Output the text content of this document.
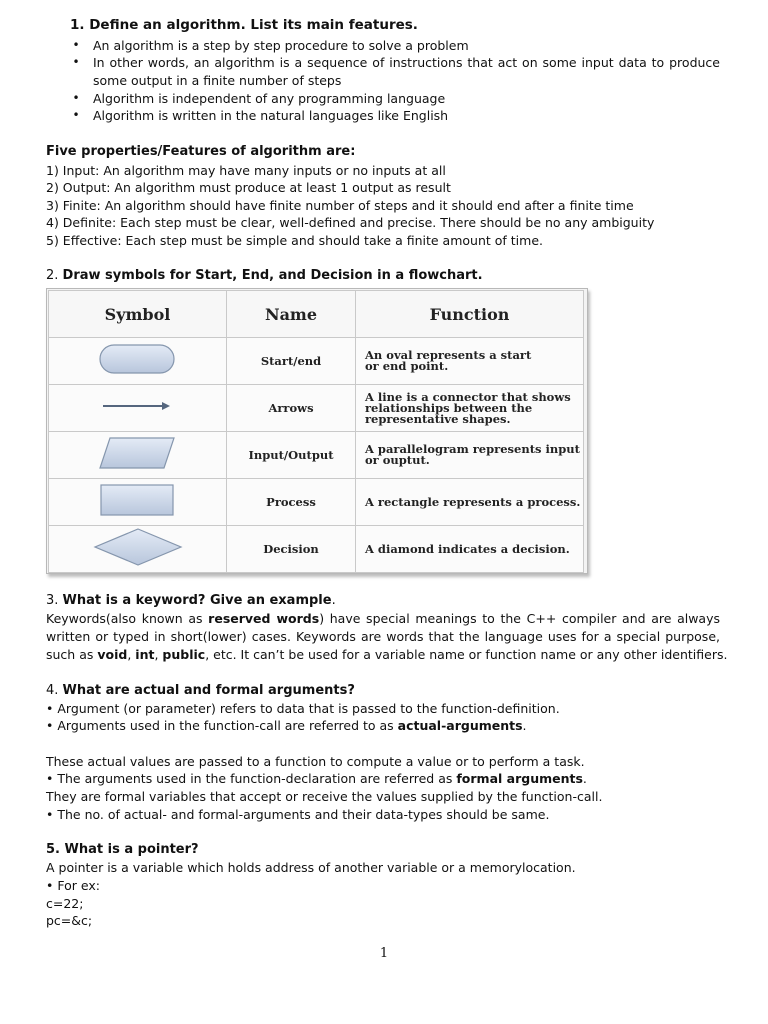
1. Define an algorithm. List its main features.
•	An algorithm is a step by step procedure to solve a problem
•	In other words, an algorithm is a sequence of instructions that act on some input data to produce
some output in a finite number of steps
•	Algorithm is independent of any programming language
•	Algorithm is written in the natural languages like English
Five properties/Features of algorithm are:
1) Input: An algorithm may have many inputs or no inputs at all
2) Output: An algorithm must produce at least 1 output as result
3) Finite: An algorithm should have finite number of steps and it should end after a finite time
4) Definite: Each step must be clear, well-defined and precise. There should be no any ambiguity
5) Effective: Each step must be simple and should take a finite amount of time.
2. Draw symbols for Start, End, and Decision in a flowchart.
Symbol	Name	Function
	Start/end	An oval represents a start
or end point.

	Arrows	A line is a connector that shows
relationships between the
representative shapes.

	Input/Output	A parallelogram represents input
or ouptut.

	Process	A rectangle represents a process.

	Decision	A diamond indicates a decision.
3. What is a keyword? Give an example.
Keywords(also known as reserved words) have special meanings to the C++ compiler and are always
written or typed in short(lower) cases. Keywords are words that the language uses for a special purpose,
such as void, int, public, etc. It can’t be used for a variable name or function name or any other identifiers.
4. What are actual and formal arguments?
• Argument (or parameter) refers to data that is passed to the function-definition.
• Arguments used in the function-call are referred to as actual-arguments.
These actual values are passed to a function to compute a value or to perform a task.
• The arguments used in the function-declaration are referred as formal arguments.
They are formal variables that accept or receive the values supplied by the function-call.
• The no. of actual- and formal-arguments and their data-types should be same.
5. What is a pointer?
A pointer is a variable which holds address of another variable or a memorylocation.
• For ex:
c=22;
pc=&c;
1
